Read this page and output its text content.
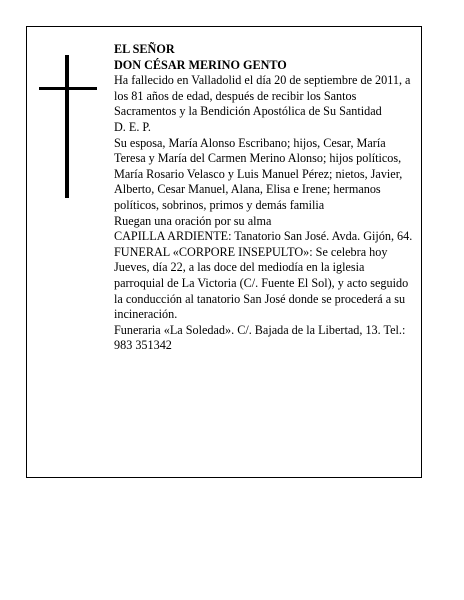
EL SEÑOR

DON CÉSAR MERINO GENTO

Ha fallecido en Valladolid el día 20 de septiembre de 2011, a los 81 años de edad, después de recibir los Santos Sacramentos y la Bendición Apostólica de Su Santidad

D. E. P.

Su esposa, María Alonso Escribano; hijos, Cesar, María Teresa y María del Carmen Merino Alonso; hijos políticos, María Rosario Velasco y Luis Manuel Pérez; nietos, Javier, Alberto, Cesar Manuel, Alana, Elisa e Irene; hermanos políticos, sobrinos, primos y demás familia

Ruegan una oración por su alma

CAPILLA ARDIENTE: Tanatorio San José. Avda. Gijón, 64.

FUNERAL «CORPORE INSEPULTO»: Se celebra hoy Jueves, día 22, a las doce del mediodía en la iglesia parroquial de La Victoria (C/. Fuente El Sol), y acto seguido la conducción al tanatorio San José donde se procederá a su incineración.

Funeraria «La Soledad». C/. Bajada de la Libertad, 13. Tel.: 983 351342
